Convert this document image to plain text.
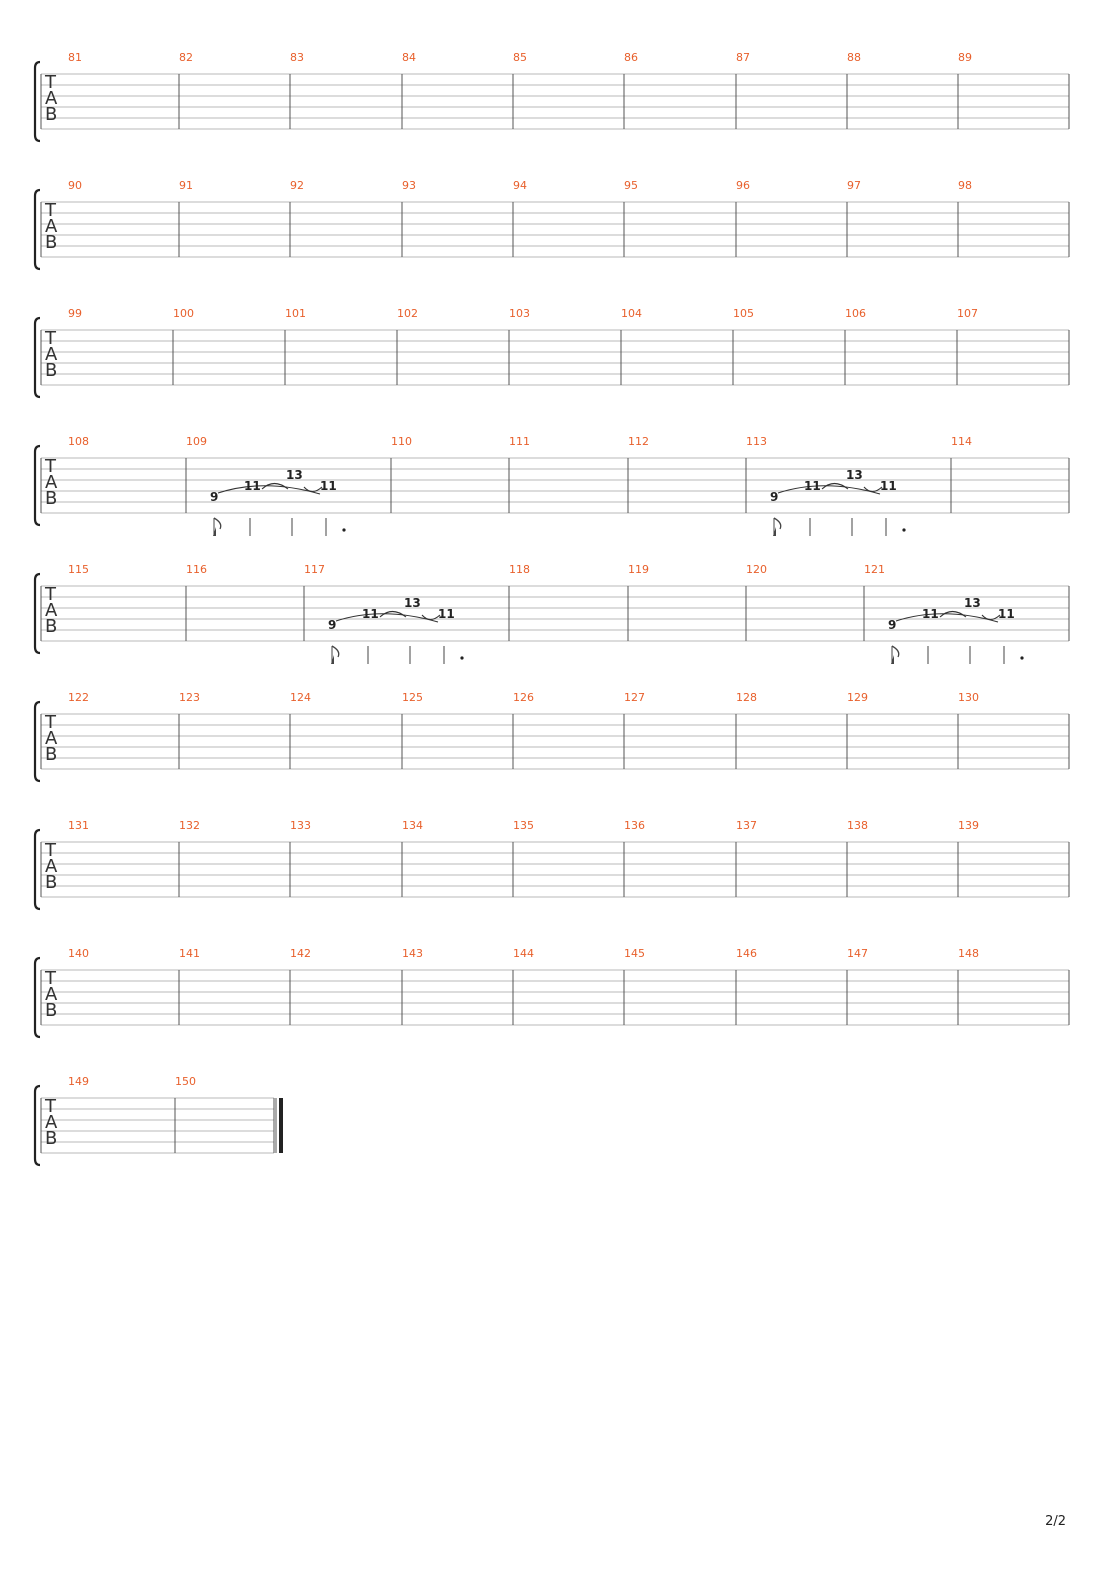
T
A
B
81	82	83	84	85	86	87	88	89
T
A
B
90	91	92	93	94	95	96	97	98
T
A
B
99	100	101	102	103	104	105	106	107
T
A
B
108	109
9
11
13
11
110	111	112	113
9
11
13
11
114
T
A
B
115	116	117
9
11
13
11
118	119	120	121
9
11
13
11
T
A
B
122	123	124	125	126	127	128	129	130
T
A
B
131	132	133	134	135	136	137	138	139
T
A
B
140	141	142	143	144	145	146	147	148
T
A
B
149	150
2/2
